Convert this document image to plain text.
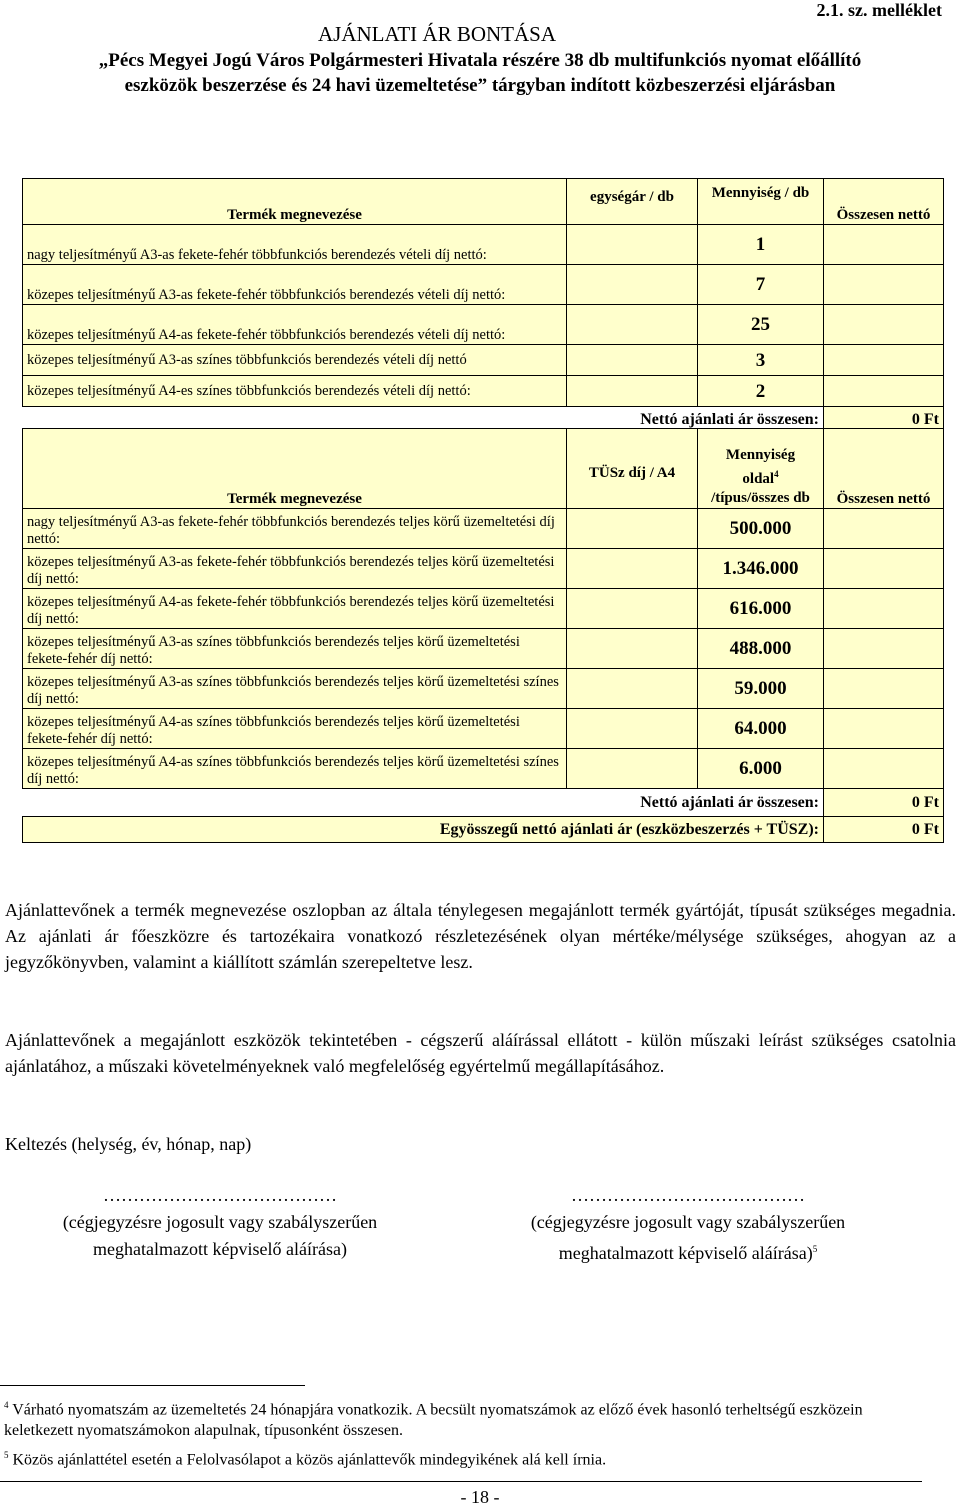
AJÁNLATI ÁR BONTÁSA
2.1. sz. melléklet
„Pécs Megyei Jogú Város Polgármesteri Hivatala részére 38 db multifunkciós nyomat előállító
eszközök beszerzése és 24 havi üzemeltetése” tárgyban indított közbeszerzési eljárásban
Termék megnevezése	egységár / db	Mennyiség / db	Összesen nettó
nagy teljesítményű A3-as fekete-fehér többfunkciós berendezés vételi díj nettó:		1	
közepes teljesítményű A3-as fekete-fehér többfunkciós berendezés vételi díj nettó:		7	
közepes teljesítményű A4-as fekete-fehér többfunkciós berendezés vételi díj nettó:		25	
közepes teljesítményű A3-as színes többfunkciós berendezés vételi díj nettó		3	
közepes teljesítményű A4-es színes többfunkciós berendezés vételi díj nettó:		2	
Nettó ajánlati ár összesen:			0 Ft
Termék megnevezése	TÜSz díj / A4	Mennyiség
oldal$^4$
/típus/összes db	Összesen nettó
nagy teljesítményű A3-as fekete-fehér többfunkciós berendezés teljes körű üzemeltetési díj nettó:		500.000	
közepes teljesítményű A3-as fekete-fehér többfunkciós berendezés teljes körű üzemeltetési díj nettó:		1.346.000	
közepes teljesítményű A4-as fekete-fehér többfunkciós berendezés teljes körű üzemeltetési díj nettó:		616.000	
közepes teljesítményű A3-as színes többfunkciós berendezés teljes körű üzemeltetési fekete-fehér díj nettó:		488.000	
közepes teljesítményű A3-as színes többfunkciós berendezés teljes körű üzemeltetési színes díj nettó:		59.000	
közepes teljesítményű A4-as színes többfunkciós berendezés teljes körű üzemeltetési fekete-fehér díj nettó:		64.000	
közepes teljesítményű A4-as színes többfunkciós berendezés teljes körű üzemeltetési színes díj nettó:		6.000	
Nettó ajánlati ár összesen:			0 Ft
Egyösszegű nettó ajánlati ár (eszközbeszerzés + TÜSZ):			0 Ft
Ajánlattevőnek a termék megnevezése oszlopban az általa ténylegesen megajánlott termék gyártóját, típusát szükséges megadnia. Az ajánlati ár főeszközre és tartozékaira vonatkozó részletezésének olyan mértéke/mélysége szükséges, ahogyan az a jegyzőkönyvben, valamint a kiállított számlán szerepeltetve lesz.
Ajánlattevőnek a megajánlott eszközök tekintetében - cégszerű aláírással ellátott - külön műszaki leírást szükséges csatolnia ajánlatához, a műszaki követelményeknek való megfelelőség egyértelmű megállapításához.
Keltezés (helység, év, hónap, nap)
…………………………………
(cégjegyzésre jogosult vagy szabályszerűen
meghatalmazott képviselő aláírása)
…………………………………
(cégjegyzésre jogosult vagy szabályszerűen
meghatalmazott képviselő aláírása)$^5$
$^4$ Várható nyomatszám az üzemeltetés 24 hónapjára vonatkozik. A becsült nyomatszámok az előző évek hasonló terheltségű eszközein keletkezett nyomatszámokon alapulnak, típusonként összesen.
$^5$ Közös ajánlattétel esetén a Felolvasólapot a közös ajánlattevők mindegyikének alá kell írnia.
- 18 -
